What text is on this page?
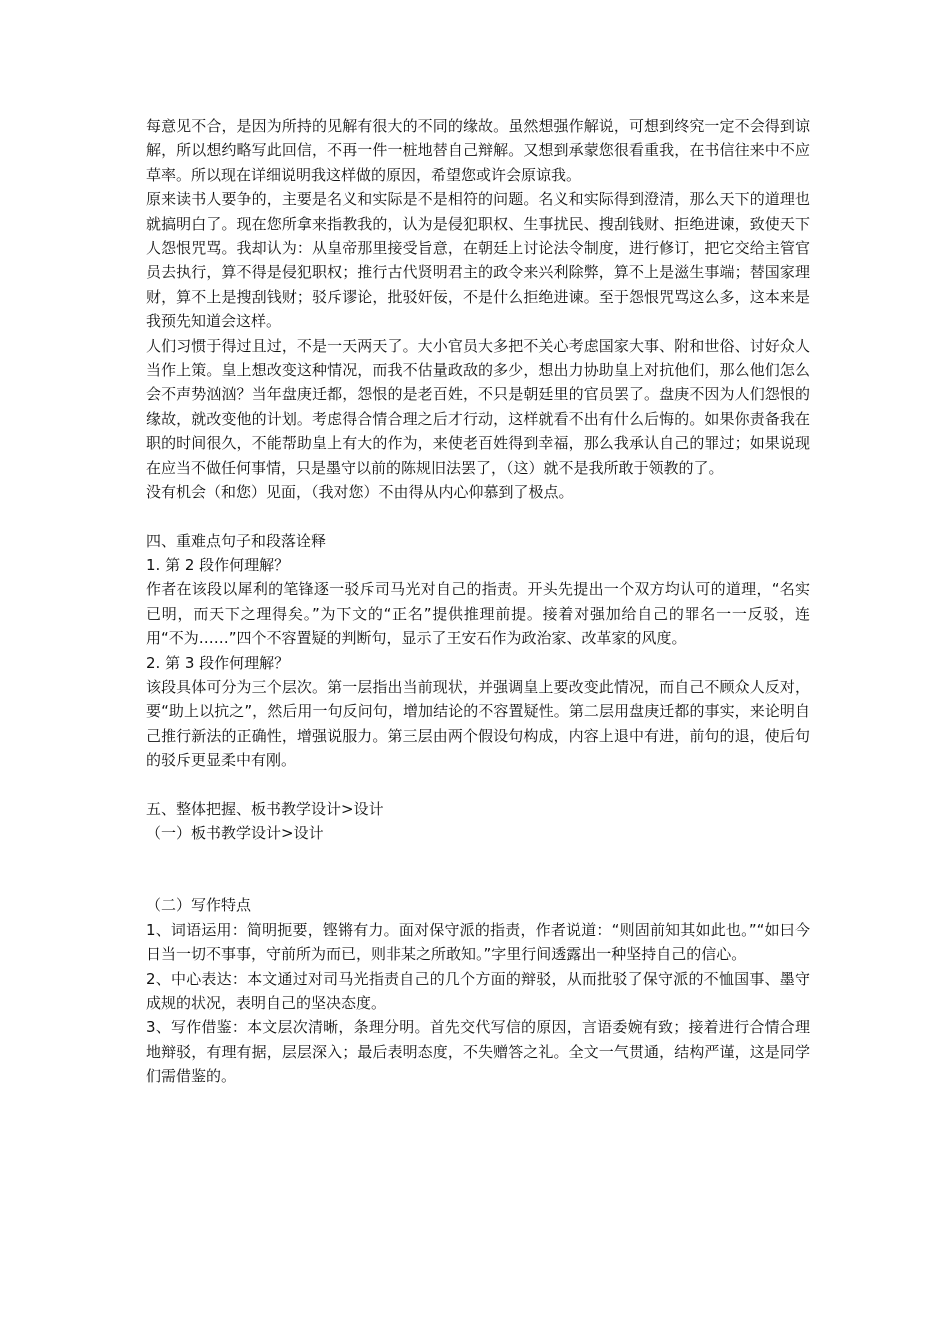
每意见不合，是因为所持的见解有很大的不同的缘故。虽然想强作解说，可想到终究一定不会得到谅解，所以想约略写此回信，不再一件一桩地替自己辩解。又想到承蒙您很看重我，在书信往来中不应草率。所以现在详细说明我这样做的原因，希望您或许会原谅我。

原来读书人要争的，主要是名义和实际是不是相符的问题。名义和实际得到澄清，那么天下的道理也就搞明白了。现在您所拿来指教我的，认为是侵犯职权、生事扰民、搜刮钱财、拒绝进谏，致使天下人怨恨咒骂。我却认为：从皇帝那里接受旨意，在朝廷上讨论法令制度，进行修订，把它交给主管官员去执行，算不得是侵犯职权；推行古代贤明君主的政令来兴利除弊，算不上是滋生事端；替国家理财，算不上是搜刮钱财；驳斥谬论，批驳奸佞，不是什么拒绝进谏。至于怨恨咒骂这么多，这本来是我预先知道会这样。

人们习惯于得过且过，不是一天两天了。大小官员大多把不关心考虑国家大事、附和世俗、讨好众人当作上策。皇上想改变这种情况，而我不估量政敌的多少，想出力协助皇上对抗他们，那么他们怎么会不声势汹汹？当年盘庚迁都，怨恨的是老百姓，不只是朝廷里的官员罢了。盘庚不因为人们怨恨的缘故，就改变他的计划。考虑得合情合理之后才行动，这样就看不出有什么后悔的。如果你责备我在职的时间很久，不能帮助皇上有大的作为，来使老百姓得到幸福，那么我承认自己的罪过；如果说现在应当不做任何事情，只是墨守以前的陈规旧法罢了，（这）就不是我所敢于领教的了。

没有机会（和您）见面，（我对您）不由得从内心仰慕到了极点。

四、重难点句子和段落诠释

1. 第 2 段作何理解？

作者在该段以犀利的笔锋逐一驳斥司马光对自己的指责。开头先提出一个双方均认可的道理，“名实已明，而天下之理得矣。”为下文的“正名”提供推理前提。接着对强加给自己的罪名一一反驳，连用“不为……”四个不容置疑的判断句，显示了王安石作为政治家、改革家的风度。

2. 第 3 段作何理解？

该段具体可分为三个层次。第一层指出当前现状，并强调皇上要改变此情况，而自己不顾众人反对，要“助上以抗之”，然后用一句反问句，增加结论的不容置疑性。第二层用盘庚迁都的事实，来论明自己推行新法的正确性，增强说服力。第三层由两个假设句构成，内容上退中有进，前句的退，使后句的驳斥更显柔中有刚。

五、整体把握、板书教学设计>设计

（一）板书教学设计>设计

（二）写作特点

1、词语运用：简明扼要，铿锵有力。面对保守派的指责，作者说道：“则固前知其如此也。”“如曰今日当一切不事事，守前所为而已，则非某之所敢知。”字里行间透露出一种坚持自己的信心。

2、中心表达：本文通过对司马光指责自己的几个方面的辩驳，从而批驳了保守派的不恤国事、墨守成规的状况，表明自己的坚决态度。

3、写作借鉴：本文层次清晰，条理分明。首先交代写信的原因，言语委婉有致；接着进行合情合理地辩驳，有理有据，层层深入；最后表明态度，不失赠答之礼。全文一气贯通，结构严谨，这是同学们需借鉴的。
